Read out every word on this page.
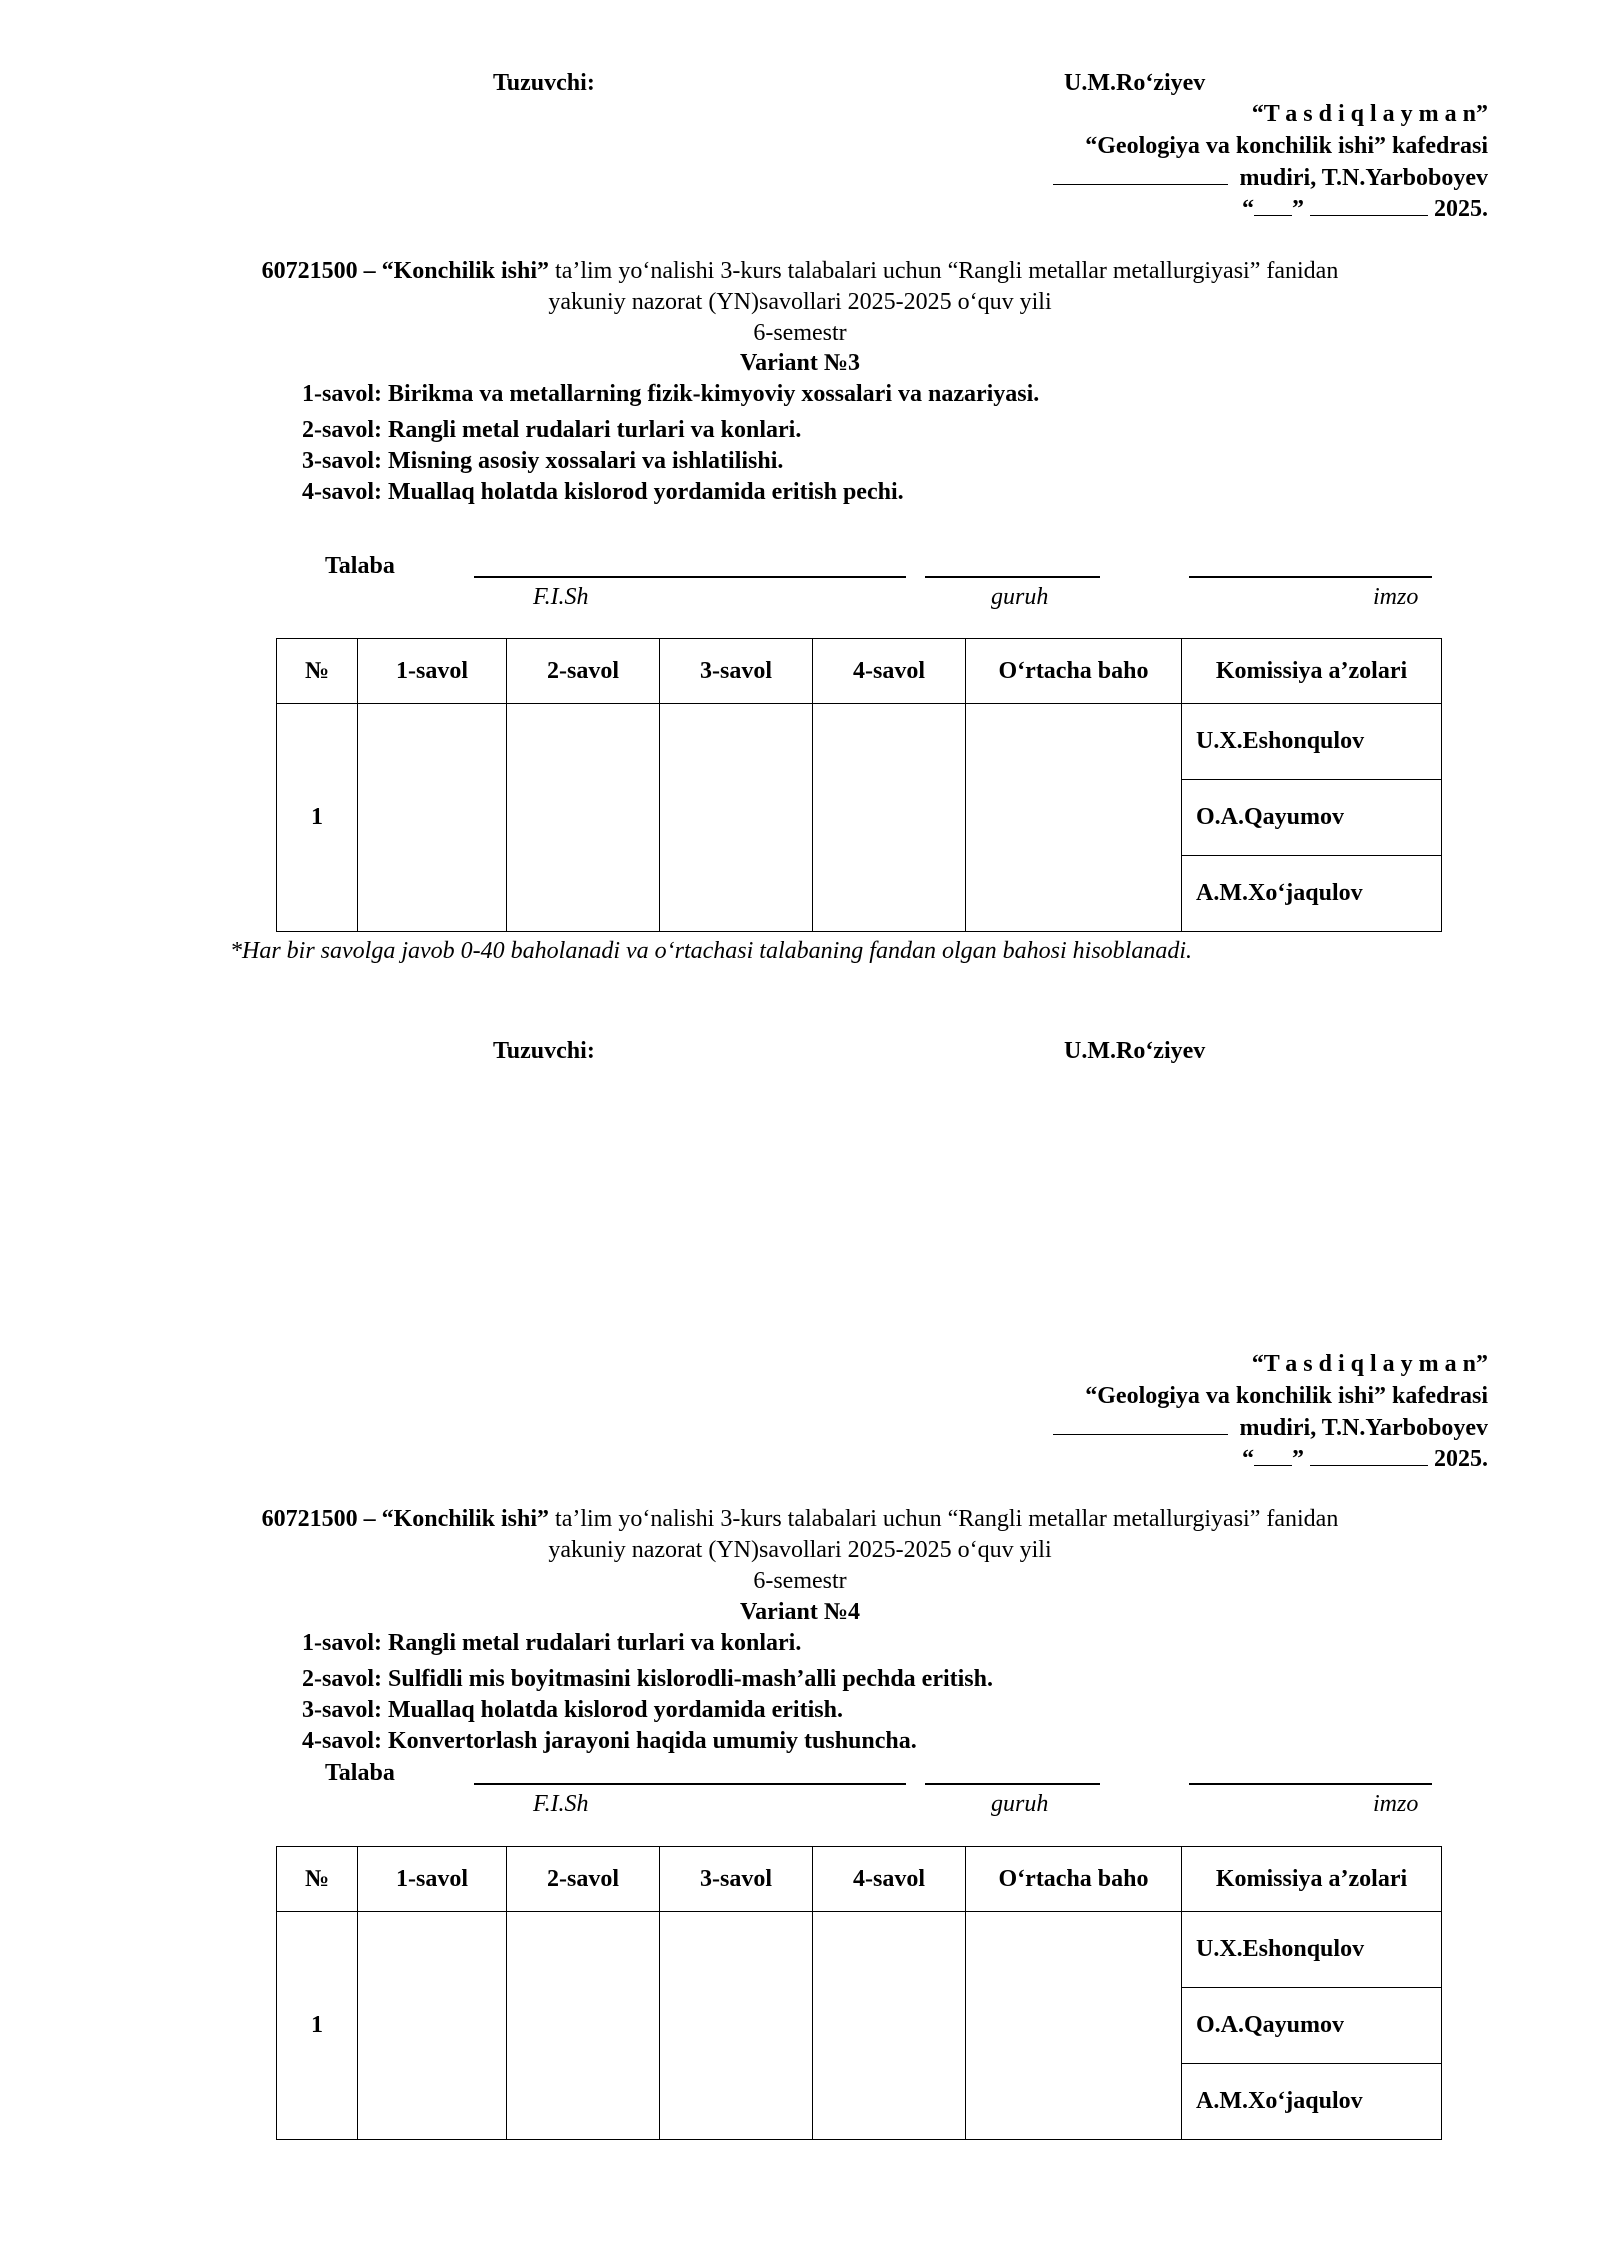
Tuzuvchi:	U.M.Ro‘ziyev
“T a s d i q l a y m a n”
“Geologiya va konchilik ishi” kafedrasi
mudiri, T.N.Yarboboyev
“ ”	2025.
60721500 – “Konchilik ishi” ta’lim yo‘nalishi 3-kurs talabalari uchun “Rangli metallar metallurgiyasi” fanidan
yakuniy nazorat (YN)savollari 2025-2025 o‘quv yili
6-semestr
Variant №3
1-savol: Birikma va metallarning fizik-kimyoviy xossalari va nazariyasi.
2-savol: Rangli metal rudalari turlari va konlari.
3-savol: Misning asosiy xossalari va ishlatilishi.
4-savol: Muallaq holatda kislorod yordamida eritish pechi.
Talaba
F.I.Sh	guruh	imzo
№	1-savol	2-savol	3-savol	4-savol	O‘rtacha baho	Komissiya a’zolari
1						U.X.Eshonqulov
						O.A.Qayumov
						A.M.Xo‘jaqulov
*Har bir savolga javob 0-40 baholanadi va o‘rtachasi talabaning fandan olgan bahosi hisoblanadi.
Tuzuvchi:	U.M.Ro‘ziyev
“T a s d i q l a y m a n”
“Geologiya va konchilik ishi” kafedrasi
mudiri, T.N.Yarboboyev
“ ”	2025.
60721500 – “Konchilik ishi” ta’lim yo‘nalishi 3-kurs talabalari uchun “Rangli metallar metallurgiyasi” fanidan
yakuniy nazorat (YN)savollari 2025-2025 o‘quv yili
6-semestr
Variant №4
1-savol: Rangli metal rudalari turlari va konlari.
2-savol: Sulfidli mis boyitmasini kislorodli-mash’alli pechda eritish.
3-savol: Muallaq holatda kislorod yordamida eritish.
4-savol: Konvertorlash jarayoni haqida umumiy tushuncha.
Talaba
F.I.Sh	guruh	imzo
№	1-savol	2-savol	3-savol	4-savol	O‘rtacha baho	Komissiya a’zolari
1						U.X.Eshonqulov
						O.A.Qayumov
						A.M.Xo‘jaqulov
